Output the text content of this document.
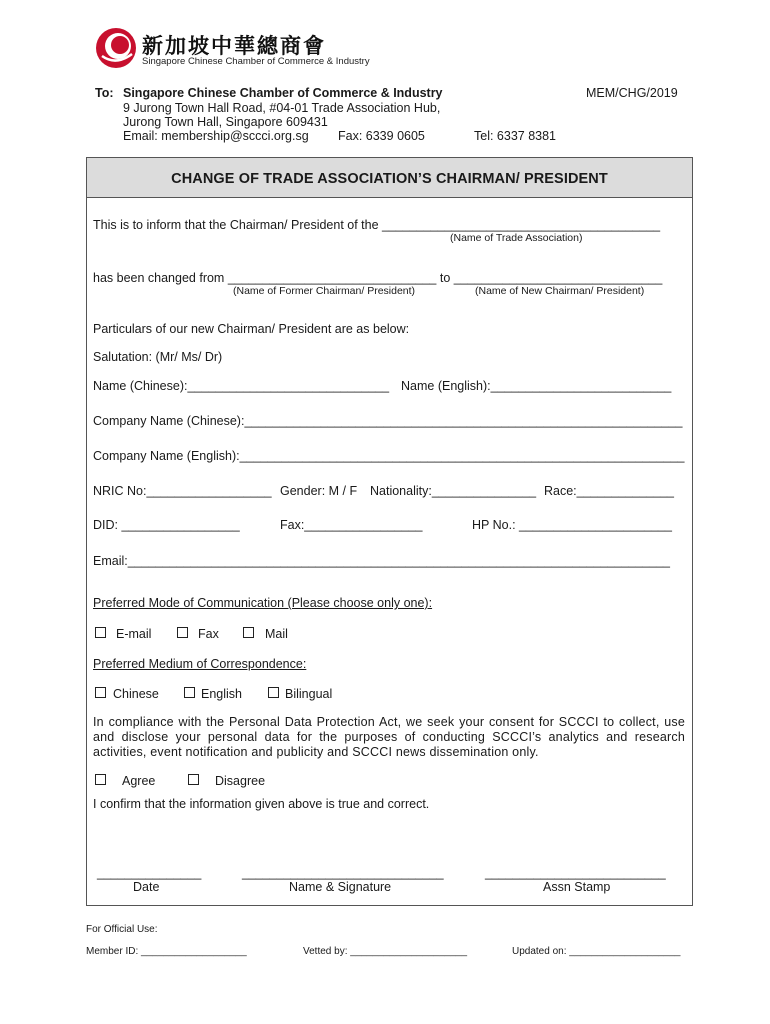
新加坡中華總商會
Singapore Chinese Chamber of Commerce & Industry
To: Singapore Chinese Chamber of Commerce & Industry	MEM/CHG/2019
9 Jurong Town Hall Road, #04-01 Trade Association Hub,
Jurong Town Hall, Singapore 609431
Email: membership@sccci.org.sg Fax: 6339 0605	Tel: 6337 8381
CHANGE OF TRADE ASSOCIATION’S CHAIRMAN/ PRESIDENT
This is to inform that the Chairman/ President of the ________________________________________
(Name of Trade Association)
has been changed from ______________________________ to ______________________________
(Name of Former Chairman/ President)	(Name of New Chairman/ President)
Particulars of our new Chairman/ President are as below:
Salutation: (Mr/ Ms/ Dr)
Name (Chinese):_____________________________ Name (English):__________________________
Company Name (Chinese):_______________________________________________________________
Company Name (English):________________________________________________________________
NRIC No:__________________ Gender: M / F Nationality:_______________ Race:______________
DID: _________________	Fax:_________________	HP No.: ______________________
Email:______________________________________________________________________________
Preferred Mode of Communication (Please choose only one):
E-mail	Fax	Mail
Preferred Medium of Correspondence:
Chinese	English	Bilingual
In compliance with the Personal Data Protection Act, we seek your consent for SCCCI to collect, use and disclose your personal data for the purposes of conducting SCCCI’s analytics and research activities, event notification and publicity and SCCCI news dissemination only.
Agree	Disagree
I confirm that the information given above is true and correct.
_______________	_____________________________	__________________________
Date	Name & Signature	Assn Stamp
For Official Use:
Member ID: ___________________	Vetted by: _____________________	Updated on: ____________________
